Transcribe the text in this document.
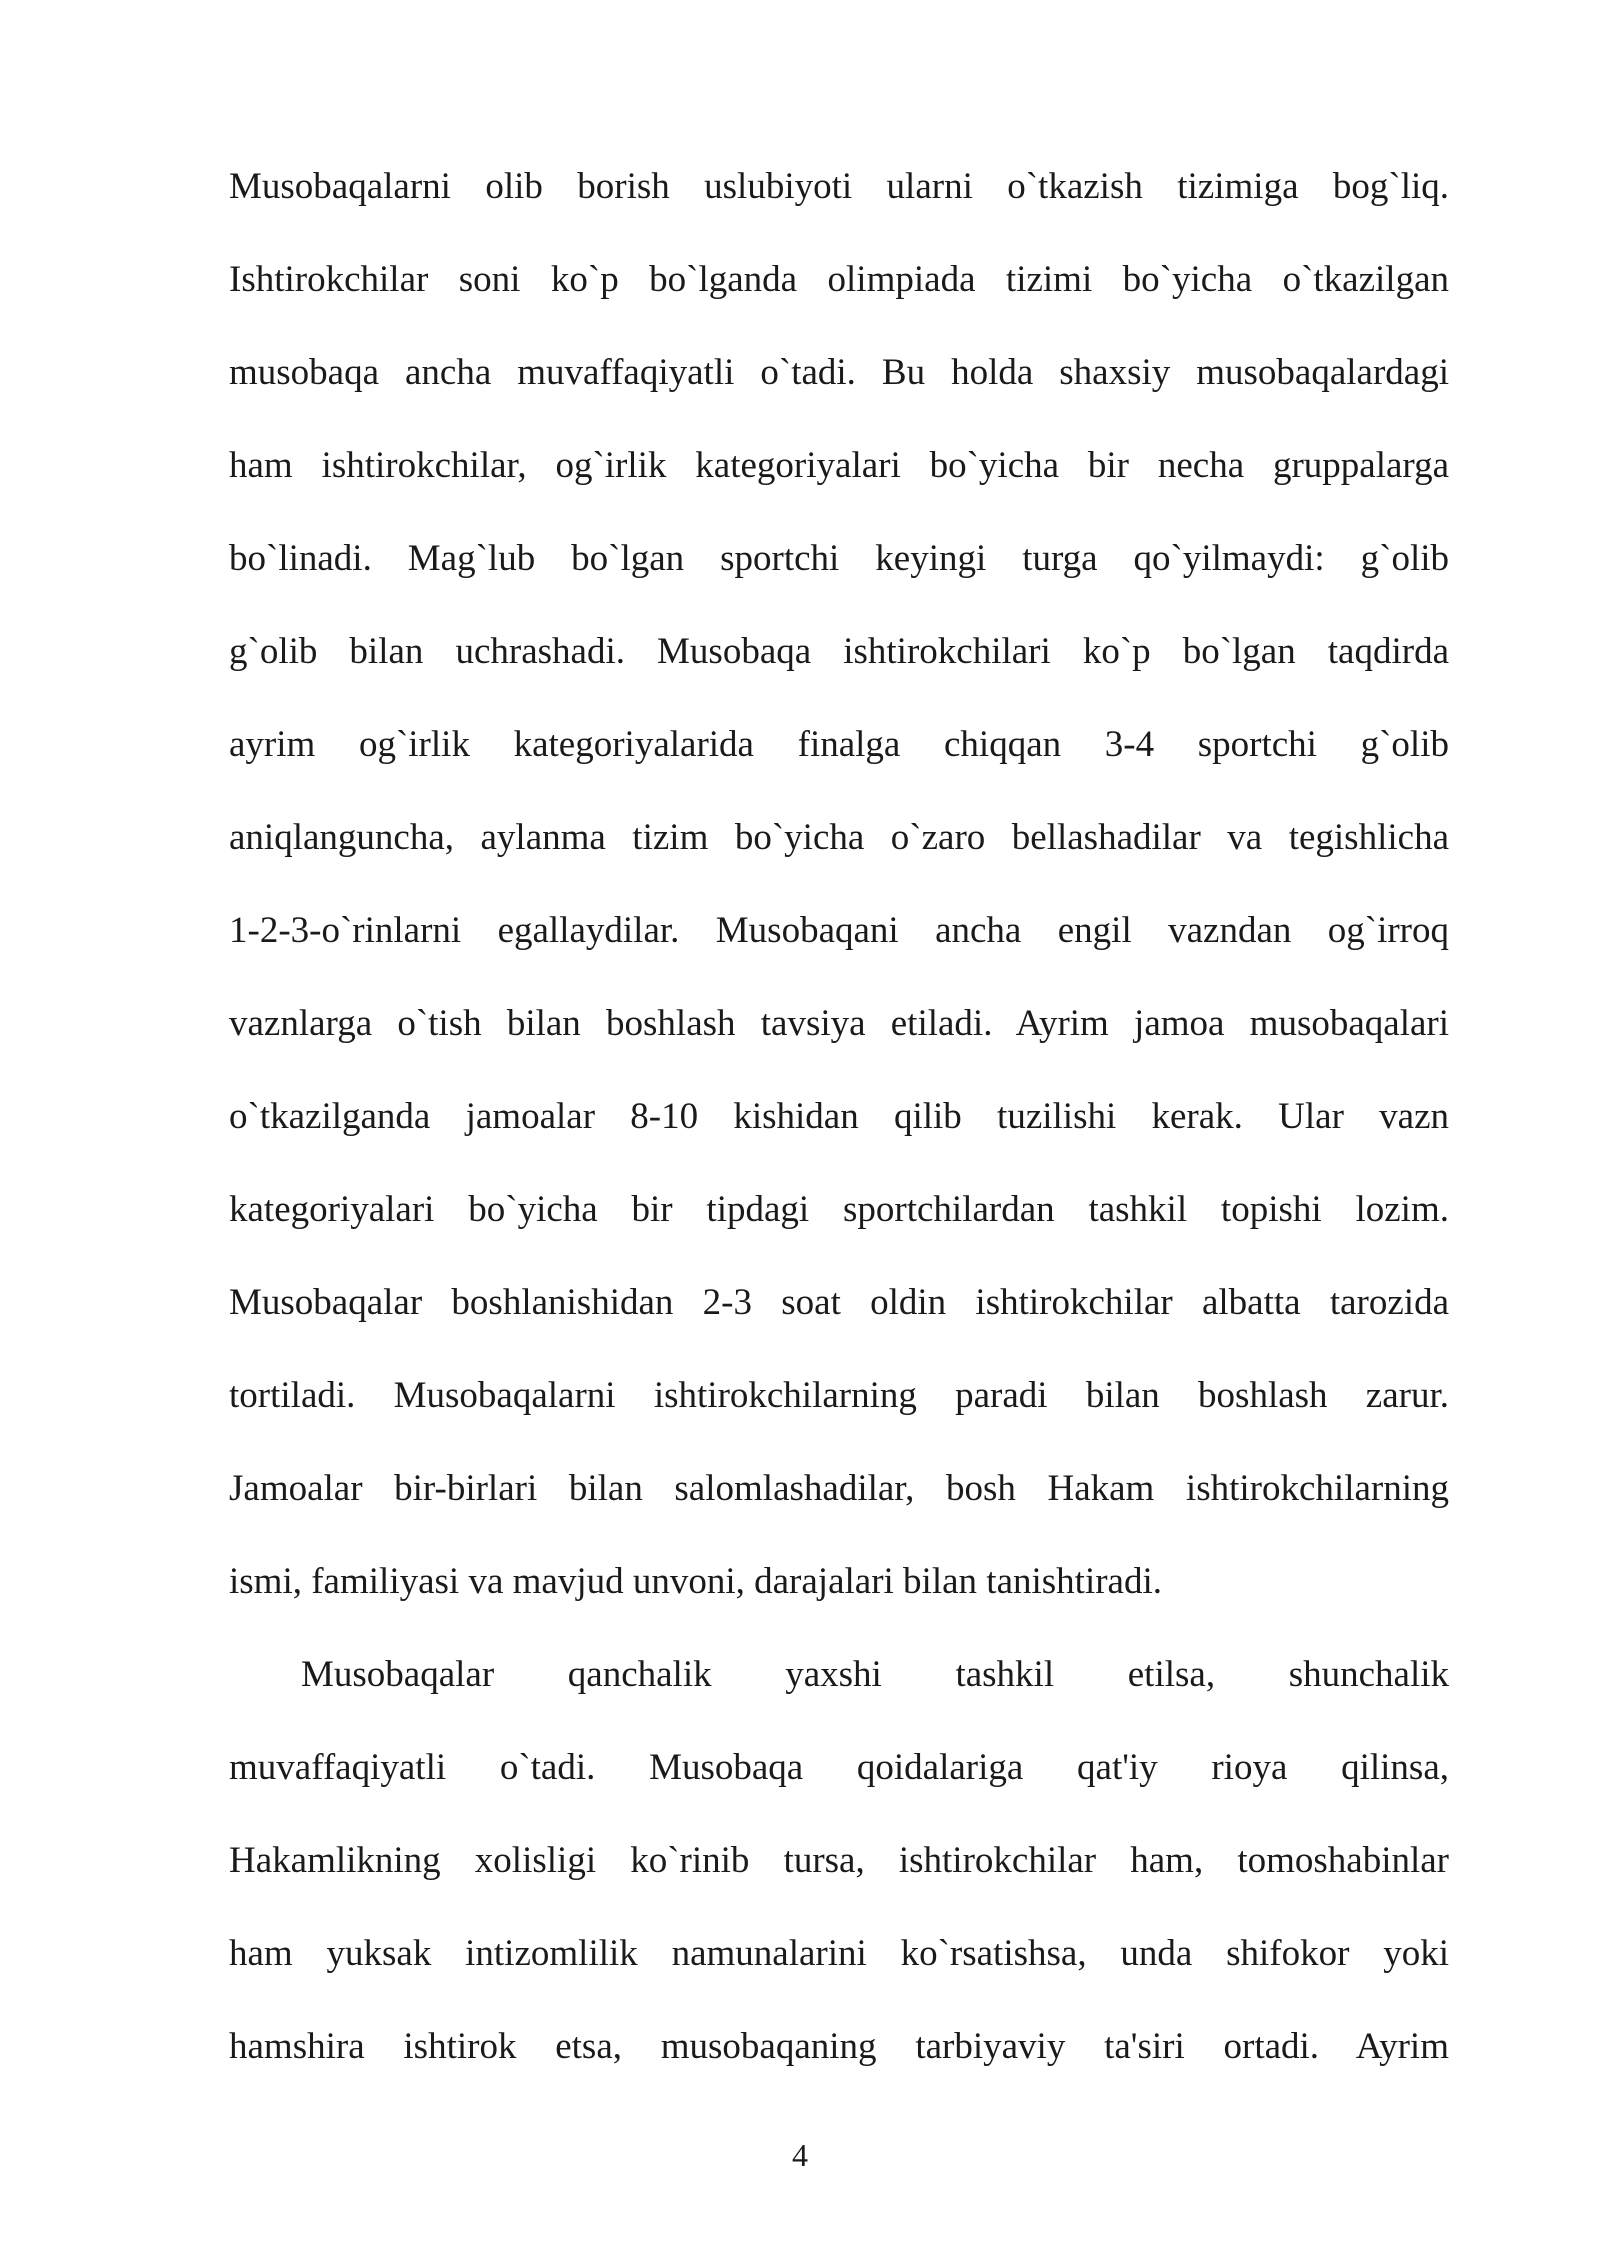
Musobaqalarni olib borish uslubiyoti ularni o`tkazish tizimiga bog`liq.
Ishtirokchilar soni ko`p bo`lganda olimpiada tizimi bo`yicha o`tkazilgan
musobaqa ancha muvaffaqiyatli o`tadi. Bu holda shaxsiy musobaqalardagi
ham ishtirokchilar, og`irlik kategoriyalari bo`yicha bir necha gruppalarga
bo`linadi. Mag`lub bo`lgan sportchi keyingi turga qo`yilmaydi: g`olib
g`olib bilan uchrashadi. Musobaqa ishtirokchilari ko`p bo`lgan taqdirda
ayrim og`irlik kategoriyalarida finalga chiqqan 3-4 sportchi g`olib
aniqlanguncha, aylanma tizim bo`yicha o`zaro bellashadilar va tegishlicha
1-2-3-o`rinlarni egallaydilar. Musobaqani ancha engil vazndan og`irroq
vaznlarga o`tish bilan boshlash tavsiya etiladi. Ayrim jamoa musobaqalari
o`tkazilganda jamoalar 8-10 kishidan qilib tuzilishi kerak. Ular vazn
kategoriyalari bo`yicha bir tipdagi sportchilardan tashkil topishi lozim.
Musobaqalar boshlanishidan 2-3 soat oldin ishtirokchilar albatta tarozida
tortiladi. Musobaqalarni ishtirokchilarning paradi bilan boshlash zarur.
Jamoalar bir-birlari bilan salomlashadilar, bosh Hakam ishtirokchilarning
ismi, familiyasi va mavjud unvoni, darajalari bilan tanishtiradi.
Musobaqalar qanchalik yaxshi tashkil etilsa, shunchalik
muvaffaqiyatli o`tadi. Musobaqa qoidalariga qat'iy rioya qilinsa,
Hakamlikning xolisligi ko`rinib tursa, ishtirokchilar ham, tomoshabinlar
ham yuksak intizomlilik namunalarini ko`rsatishsa, unda shifokor yoki
hamshira ishtirok etsa, musobaqaning tarbiyaviy ta'siri ortadi. Ayrim
4
